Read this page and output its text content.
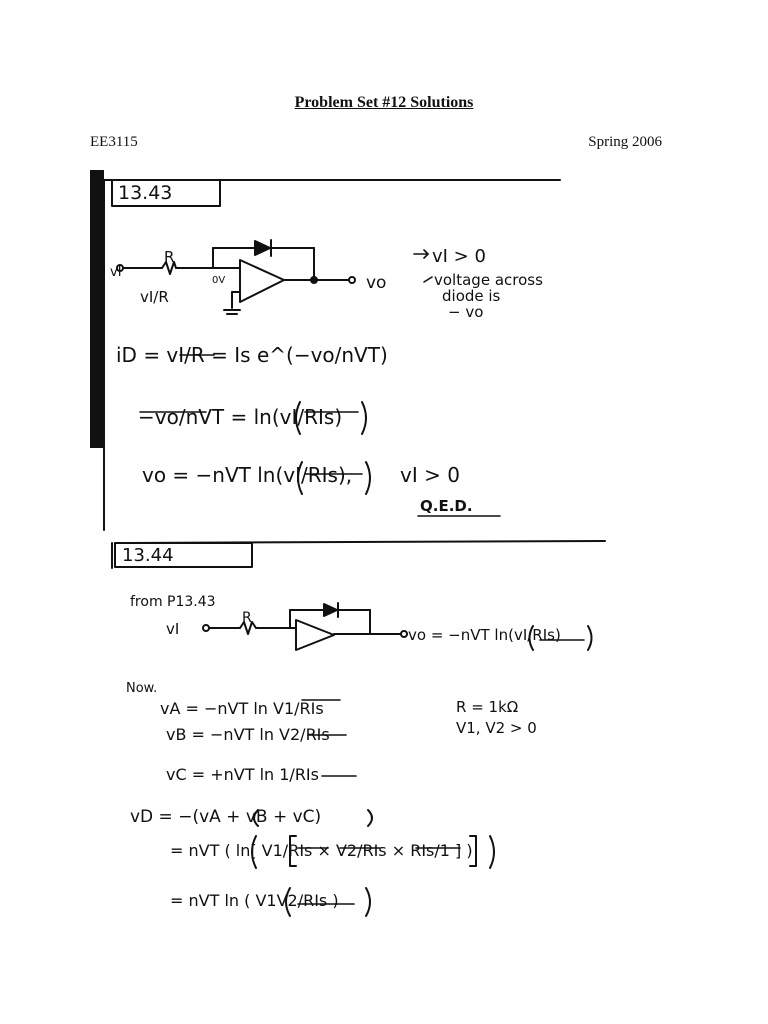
Problem Set #12 Solutions
EE3115	Spring 2006
13.43
R
vI
vI/R
0V	vo
vI > 0
voltage across
diode is
− vo
iD = vI/R = Is e^(−vo/nVT)
−vo/nVT = ln(vI/RIs)
vo = −nVT ln(vI/RIs), vI > 0
Q.E.D.
13.44
from P13.43
R
vI	vo = −nVT ln(vI/RIs)
Now.
vA = −nVT ln V1/RIs
vB = −nVT ln V2/RIs
vC = +nVT ln 1/RIs
R = 1kΩ
V1, V2 > 0
vD = −(vA + vB + vC)
= nVT ( ln[ V1/RIs × V2/RIs × RIs/1 ] )
= nVT ln ( V1V2/RIs )
